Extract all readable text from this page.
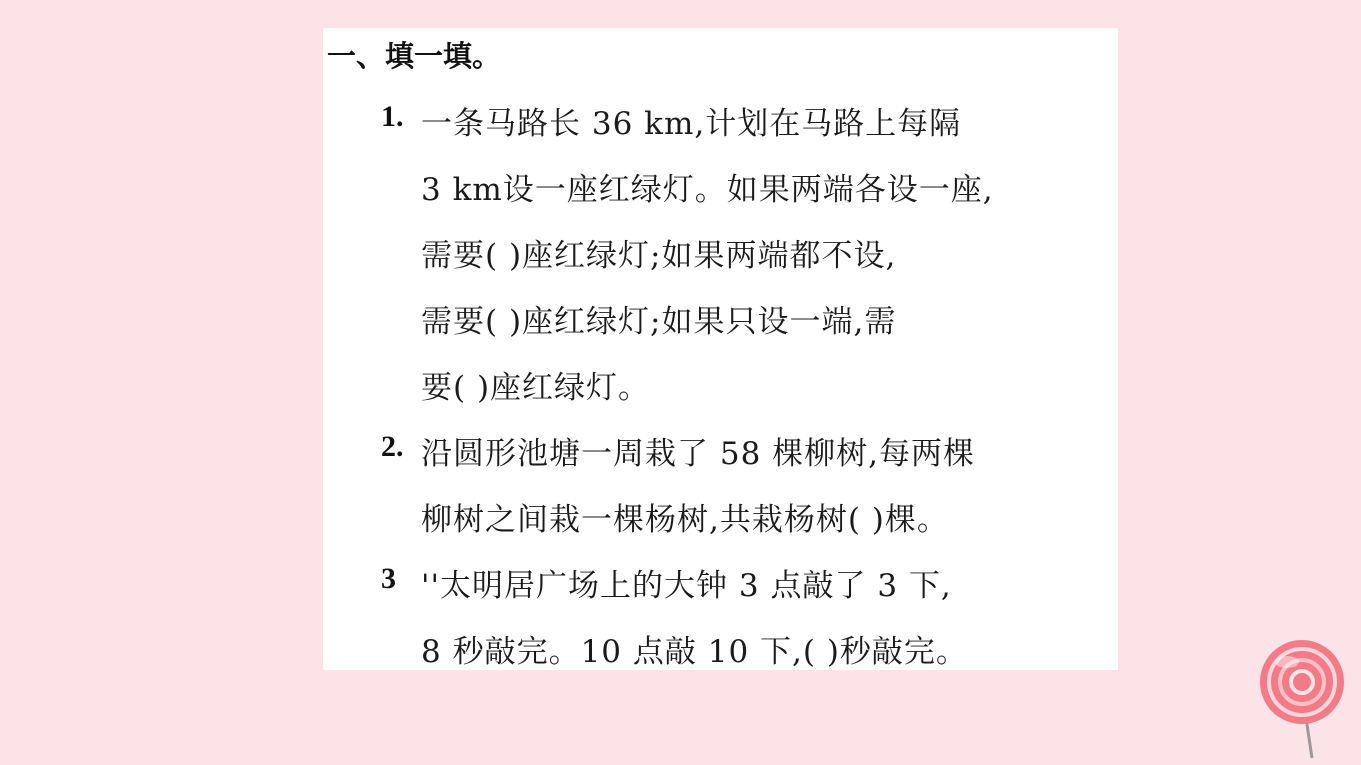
一、填一填。
1. 一条马路长 36 km,计划在马路上每隔
3 km设一座红绿灯。如果两端各设一座,
需要( )座红绿灯;如果两端都不设,
需要( )座红绿灯;如果只设一端,需
要( )座红绿灯。
2. 沿圆形池塘一周栽了 58 棵柳树,每两棵
柳树之间栽一棵杨树,共栽杨树( )棵。
3 ''太明居广场上的大钟 3 点敲了 3 下,
8 秒敲完。10 点敲 10 下,( )秒敲完。
